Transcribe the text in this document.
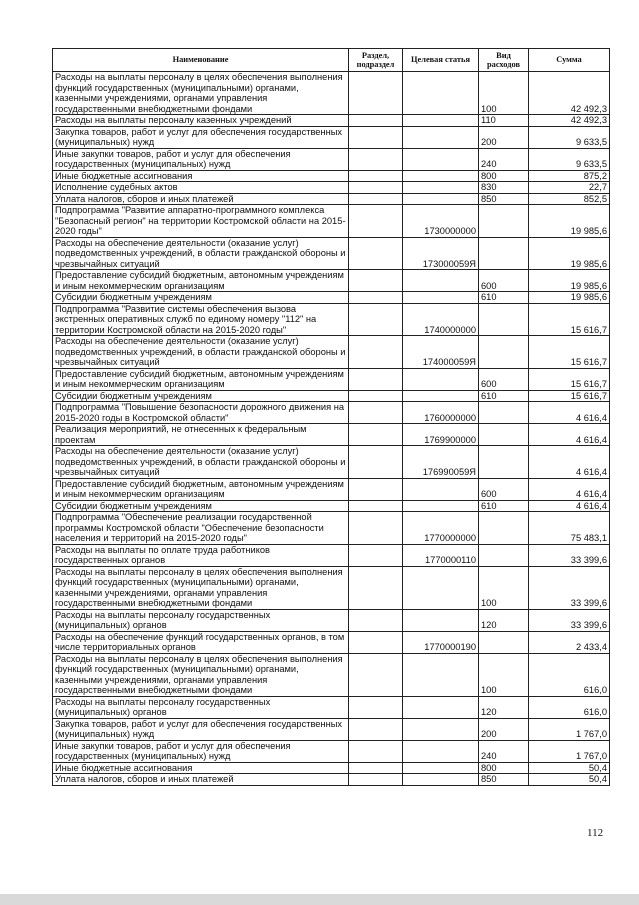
Наименование	Раздел, подраздел	Целевая статья	Вид расходов	Сумма
Расходы на выплаты персоналу в целях обеспечения выполнения функций государственных (муниципальными) органами, казенными учреждениями, органами управления государственными внебюджетными фондами			100	42 492,3
Расходы на выплаты персоналу казенных учреждений			110	42 492,3
Закупка товаров, работ и услуг для обеспечения государственных (муниципальных) нужд			200	9 633,5
Иные закупки товаров, работ и услуг для обеспечения государственных (муниципальных) нужд			240	9 633,5
Иные бюджетные ассигнования			800	875,2
Исполнение судебных актов			830	22,7
Уплата налогов, сборов и иных платежей			850	852,5
Подпрограмма "Развитие аппаратно-программного комплекса "Безопасный регион" на территории Костромской области на 2015-2020 годы"		1730000000		19 985,6
Расходы на обеспечение деятельности (оказание услуг) подведомственных учреждений, в области гражданской обороны и чрезвычайных ситуаций		173000059Я		19 985,6
Предоставление субсидий бюджетным, автономным учреждениям и иным некоммерческим организациям			600	19 985,6
Субсидии бюджетным учреждениям			610	19 985,6
Подпрограмма "Развитие системы обеспечения вызова экстренных оперативных служб по единому номеру "112" на территории Костромской области на 2015-2020 годы"		1740000000		15 616,7
Расходы на обеспечение деятельности (оказание услуг) подведомственных учреждений, в области гражданской обороны и чрезвычайных ситуаций		174000059Я		15 616,7
Предоставление субсидий бюджетным, автономным учреждениям и иным некоммерческим организациям			600	15 616,7
Субсидии бюджетным учреждениям			610	15 616,7
Подпрограмма "Повышение безопасности дорожного движения на 2015-2020 годы в Костромской области"		1760000000		4 616,4
Реализация мероприятий, не отнесенных к федеральным проектам		1769900000		4 616,4
Расходы на обеспечение деятельности (оказание услуг) подведомственных учреждений, в области гражданской обороны и чрезвычайных ситуаций		176990059Я		4 616,4
Предоставление субсидий бюджетным, автономным учреждениям и иным некоммерческим организациям			600	4 616,4
Субсидии бюджетным учреждениям			610	4 616,4
Подпрограмма "Обеспечение реализации государственной программы Костромской области "Обеспечение безопасности населения и территорий на 2015-2020 годы"		1770000000		75 483,1
Расходы на выплаты по оплате труда работников государственных органов		1770000110		33 399,6
Расходы на выплаты персоналу в целях обеспечения выполнения функций государственных (муниципальными) органами, казенными учреждениями, органами управления государственными внебюджетными фондами			100	33 399,6
Расходы на выплаты персоналу государственных (муниципальных) органов			120	33 399,6
Расходы на обеспечение функций государственных органов, в том числе территориальных органов		1770000190		2 433,4
Расходы на выплаты персоналу в целях обеспечения выполнения функций государственных (муниципальными) органами, казенными учреждениями, органами управления государственными внебюджетными фондами			100	616,0
Расходы на выплаты персоналу государственных (муниципальных) органов			120	616,0
Закупка товаров, работ и услуг для обеспечения государственных (муниципальных) нужд			200	1 767,0
Иные закупки товаров, работ и услуг для обеспечения государственных (муниципальных) нужд			240	1 767,0
Иные бюджетные ассигнования			800	50,4
Уплата налогов, сборов и иных платежей			850	50,4
112
